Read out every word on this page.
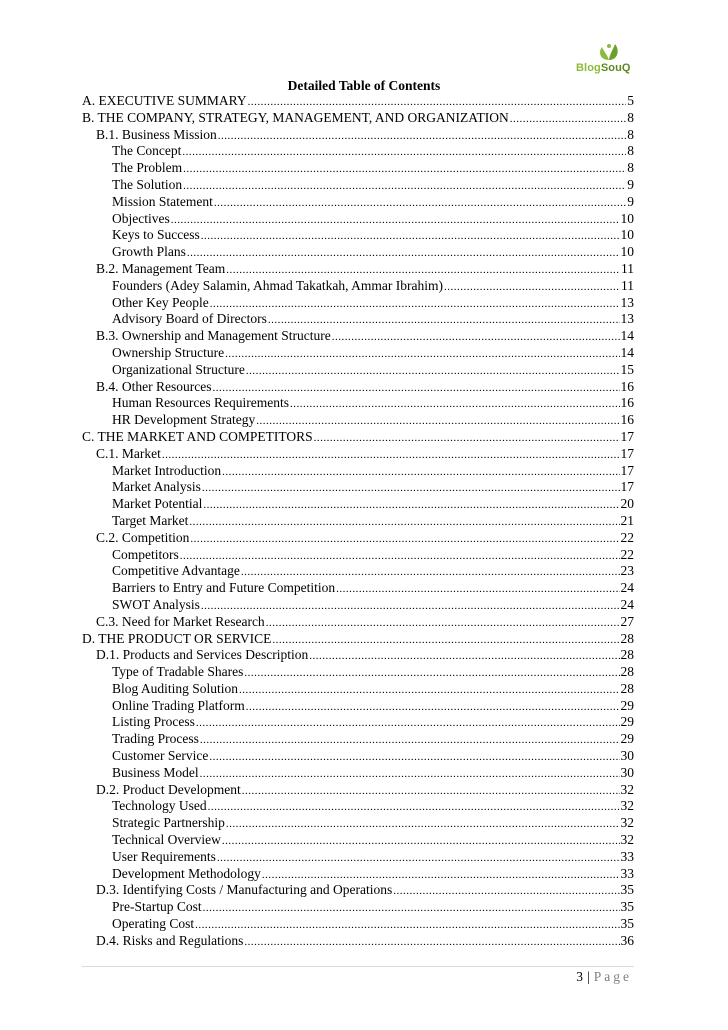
BlogSouQ
Detailed Table of Contents
A. EXECUTIVE SUMMARY .....	5
B. THE COMPANY, STRATEGY, MANAGEMENT, AND ORGANIZATION .....	8
B.1. Business Mission .....	8
The Concept .....	8
The Problem .....	8
The Solution .....	9
Mission Statement .....	9
Objectives .....	10
Keys to Success .....	10
Growth Plans .....	10
B.2. Management Team .....	11
Founders (Adey Salamin, Ahmad Takatkah, Ammar Ibrahim) .....	11
Other Key People .....	13
Advisory Board of Directors .....	13
B.3. Ownership and Management Structure .....	14
Ownership Structure .....	14
Organizational Structure .....	15
B.4. Other Resources .....	16
Human Resources Requirements .....	16
HR Development Strategy .....	16
C. THE MARKET AND COMPETITORS .....	17
C.1. Market .....	17
Market Introduction .....	17
Market Analysis .....	17
Market Potential .....	20
Target Market .....	21
C.2. Competition .....	22
Competitors .....	22
Competitive Advantage .....	23
Barriers to Entry and Future Competition .....	24
SWOT Analysis .....	24
C.3. Need for Market Research .....	27
D. THE PRODUCT OR SERVICE .....	28
D.1. Products and Services Description .....	28
Type of Tradable Shares .....	28
Blog Auditing Solution .....	28
Online Trading Platform .....	29
Listing Process .....	29
Trading Process .....	29
Customer Service .....	30
Business Model .....	30
D.2. Product Development .....	32
Technology Used .....	32
Strategic Partnership .....	32
Technical Overview .....	32
User Requirements .....	33
Development Methodology .....	33
D.3. Identifying Costs / Manufacturing and Operations .....	35
Pre-Startup Cost .....	35
Operating Cost .....	35
D.4. Risks and Regulations .....	36
3 | Page
